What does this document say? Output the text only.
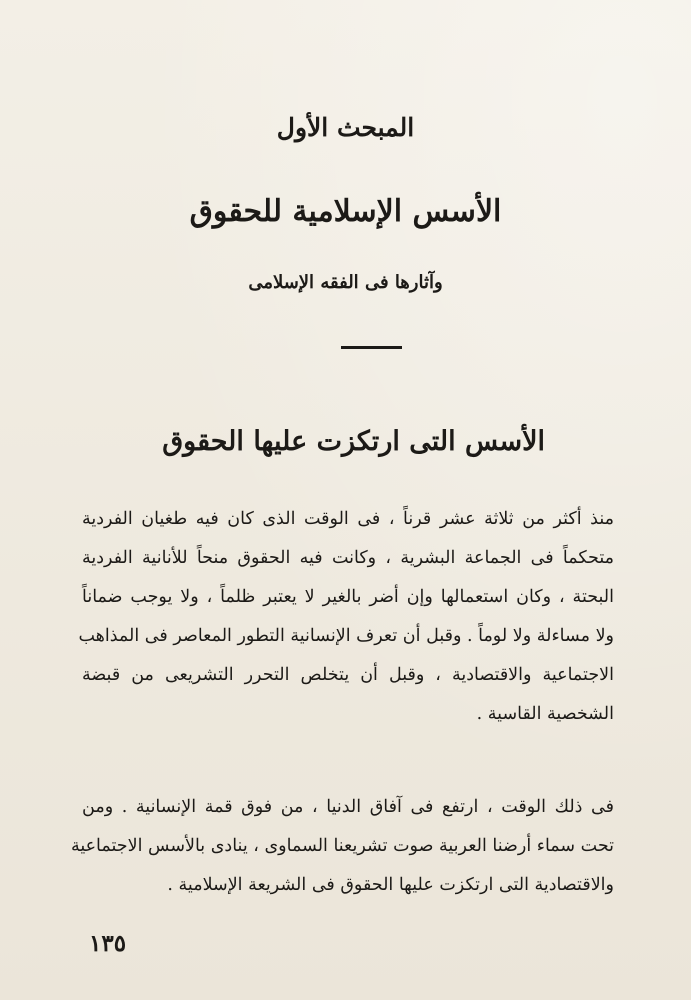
المبحث الأول
الأسس الإسلامية للحقوق
وآثارها فى الفقه الإسلامى
الأسس التى ارتكزت عليها الحقوق
منذ أكثر من ثلاثة عشر قرناً ، فى الوقت الذى كان فيه طغيان الفردية
متحكماً فى الجماعة البشرية ، وكانت فيه الحقوق منحاً للأنانية الفردية
البحتة ، وكان استعمالها وإن أضر بالغير لا يعتبر ظلماً ، ولا يوجب ضماناً
ولا مساءلة ولا لوماً . وقبل أن تعرف الإنسانية التطور المعاصر فى المذاهب
الاجتماعية والاقتصادية ، وقبل أن يتخلص التحرر التشريعى من قبضة
الشخصية القاسية .
فى ذلك الوقت ، ارتفع فى آفاق الدنيا ، من فوق قمة الإنسانية . ومن
تحت سماء أرضنا العربية صوت تشريعنا السماوى ، ينادى بالأسس الاجتماعية
والاقتصادية التى ارتكزت عليها الحقوق فى الشريعة الإسلامية .
١٣٥
